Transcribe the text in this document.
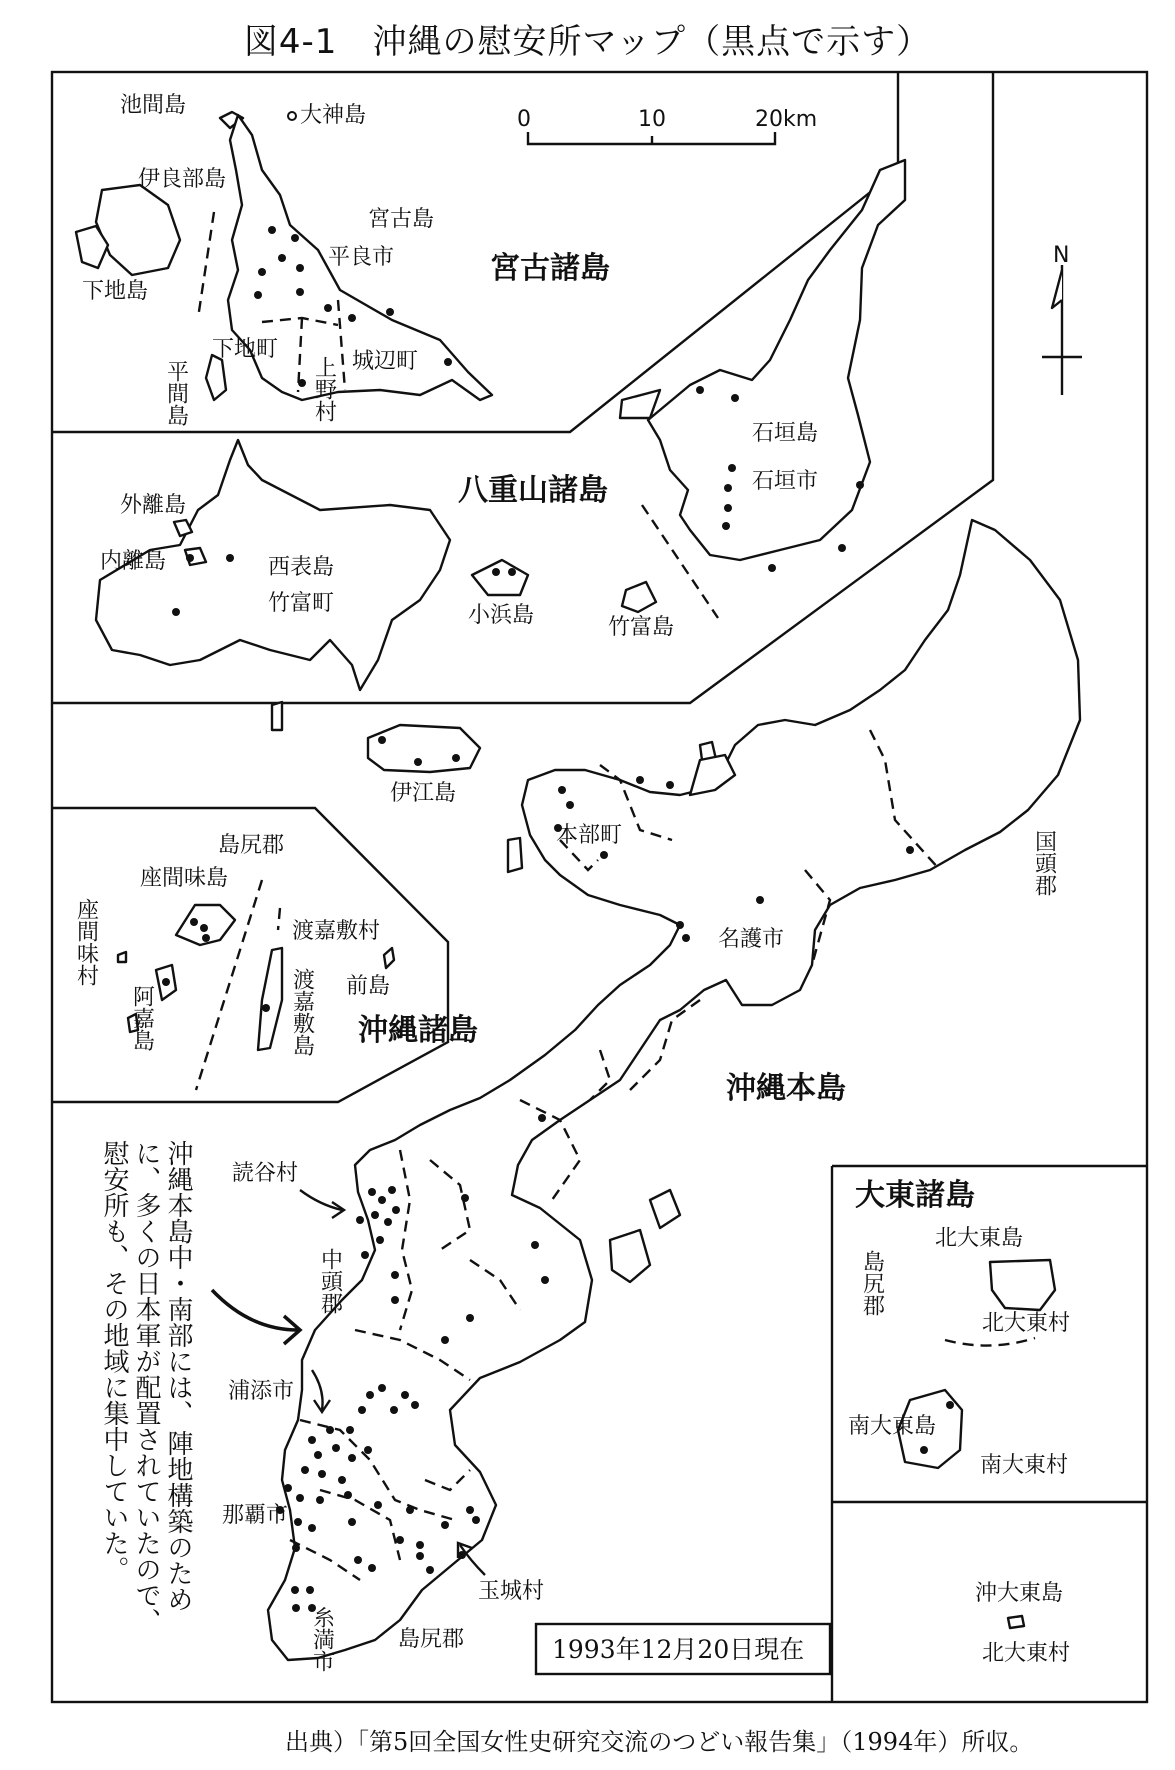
図4-1　沖縄の慰安所マップ（黒点で示す）
0	10	20km
N
池間島	大神島
伊良部島
下地島
宮古島
平良市	宮古諸島
下地町	城辺町
平間島	上野村
石垣島
石垣市
八重山諸島
外離島
内離島	西表島
竹富町	小浜島	竹富島
島尻郡
座間味島
座間味村
阿嘉島
渡嘉敷村
渡嘉敷島 前島
沖縄諸島
伊江島
本部町
名護市
国頭郡
沖縄本島
読谷村
中頭郡
浦添市
那覇市
糸満市	島尻郡
玉城村
沖縄本島中・南部には、
陣地構築のため
に、多くの日本軍が配置されていたので、
慰安所も、その地域に集中していた。	大東諸島
北大東島
島尻郡
北大東村
南大東島
南大東村
沖大東島
北大東村
1993年12月20日現在
出典）「第5回全国女性史研究交流のつどい報告集」（1994年）所収。
